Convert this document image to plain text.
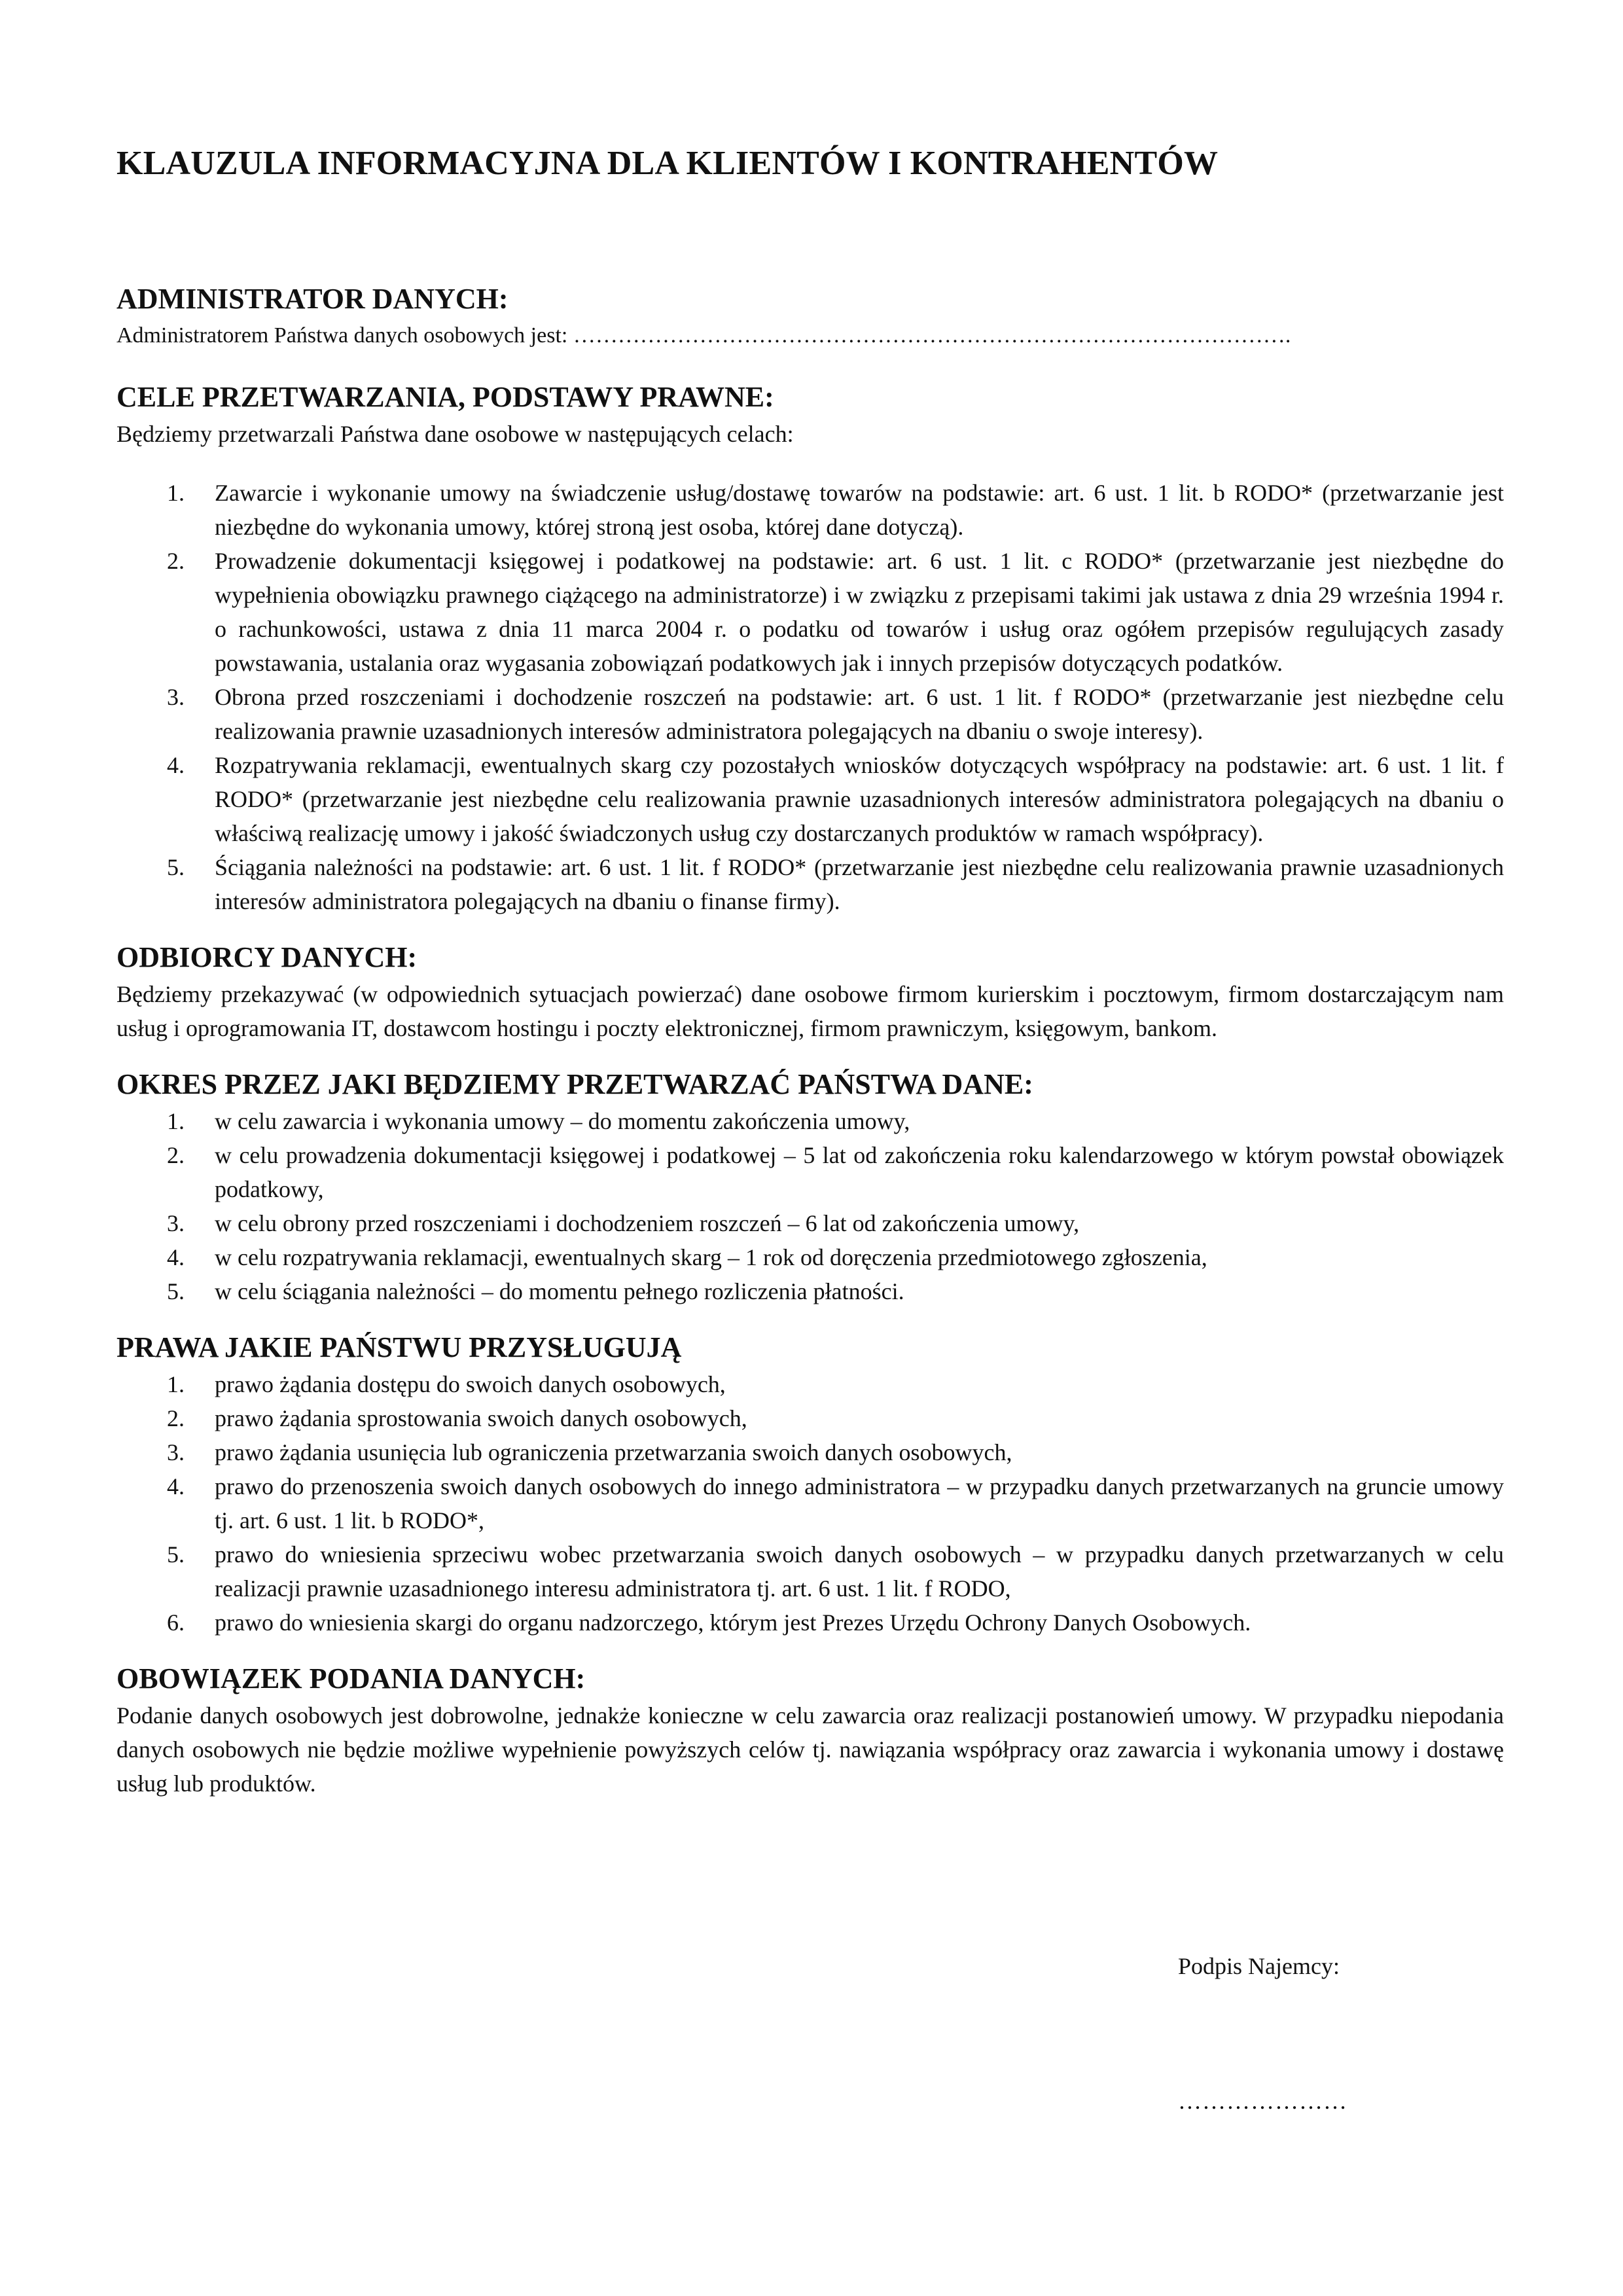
KLAUZULA INFORMACYJNA DLA KLIENTÓW I KONTRAHENTÓW
ADMINISTRATOR DANYCH:

Administratorem Państwa danych osobowych jest: …………………………………………………………………………………….

CELE PRZETWARZANIA, PODSTAWY PRAWNE:

Będziemy przetwarzali Państwa dane osobowe w następujących celach:

1. Zawarcie i wykonanie umowy na świadczenie usług/dostawę towarów na podstawie: art. 6 ust. 1 lit. b RODO* (przetwarzanie jest niezbędne do wykonania umowy, której stroną jest osoba, której dane dotyczą).
2. Prowadzenie dokumentacji księgowej i podatkowej na podstawie: art. 6 ust. 1 lit. c RODO* (przetwarzanie jest niezbędne do wypełnienia obowiązku prawnego ciążącego na administratorze) i w związku z przepisami takimi jak ustawa z dnia 29 września 1994 r. o rachunkowości, ustawa z dnia 11 marca 2004 r. o podatku od towarów i usług oraz ogółem przepisów regulujących zasady powstawania, ustalania oraz wygasania zobowiązań podatkowych jak i innych przepisów dotyczących podatków.
3. Obrona przed roszczeniami i dochodzenie roszczeń na podstawie: art. 6 ust. 1 lit. f RODO* (przetwarzanie jest niezbędne celu realizowania prawnie uzasadnionych interesów administratora polegających na dbaniu o swoje interesy).
4. Rozpatrywania reklamacji, ewentualnych skarg czy pozostałych wniosków dotyczących współpracy na podstawie: art. 6 ust. 1 lit. f RODO* (przetwarzanie jest niezbędne celu realizowania prawnie uzasadnionych interesów administratora polegających na dbaniu o właściwą realizację umowy i jakość świadczonych usług czy dostarczanych produktów w ramach współpracy).
5. Ściągania należności na podstawie: art. 6 ust. 1 lit. f RODO* (przetwarzanie jest niezbędne celu realizowania prawnie uzasadnionych interesów administratora polegających na dbaniu o finanse firmy).
ODBIORCY DANYCH:

Będziemy przekazywać (w odpowiednich sytuacjach powierzać) dane osobowe firmom kurierskim i pocztowym, firmom dostarczającym nam usług i oprogramowania IT, dostawcom hostingu i poczty elektronicznej, firmom prawniczym, księgowym, bankom.

OKRES PRZEZ JAKI BĘDZIEMY PRZETWARZAĆ PAŃSTWA DANE:
1. w celu zawarcia i wykonania umowy – do momentu zakończenia umowy,
2. w celu prowadzenia dokumentacji księgowej i podatkowej – 5 lat od zakończenia roku kalendarzowego w którym powstał obowiązek podatkowy,
3. w celu obrony przed roszczeniami i dochodzeniem roszczeń – 6 lat od zakończenia umowy,
4. w celu rozpatrywania reklamacji, ewentualnych skarg – 1 rok od doręczenia przedmiotowego zgłoszenia,
5. w celu ściągania należności – do momentu pełnego rozliczenia płatności.
PRAWA JAKIE PAŃSTWU PRZYSŁUGUJĄ
1. prawo żądania dostępu do swoich danych osobowych,
2. prawo żądania sprostowania swoich danych osobowych,
3. prawo żądania usunięcia lub ograniczenia przetwarzania swoich danych osobowych,
4. prawo do przenoszenia swoich danych osobowych do innego administratora – w przypadku danych przetwarzanych na gruncie umowy tj. art. 6 ust. 1 lit. b RODO*,
5. prawo do wniesienia sprzeciwu wobec przetwarzania swoich danych osobowych – w przypadku danych przetwarzanych w celu realizacji prawnie uzasadnionego interesu administratora tj. art. 6 ust. 1 lit. f RODO,
6. prawo do wniesienia skargi do organu nadzorczego, którym jest Prezes Urzędu Ochrony Danych Osobowych.
OBOWIĄZEK PODANIA DANYCH:

Podanie danych osobowych jest dobrowolne, jednakże konieczne w celu zawarcia oraz realizacji postanowień umowy. W przypadku niepodania danych osobowych nie będzie możliwe wypełnienie powyższych celów tj. nawiązania współpracy oraz zawarcia i wykonania umowy i dostawę usług lub produktów.

Podpis Najemcy:
…………………
